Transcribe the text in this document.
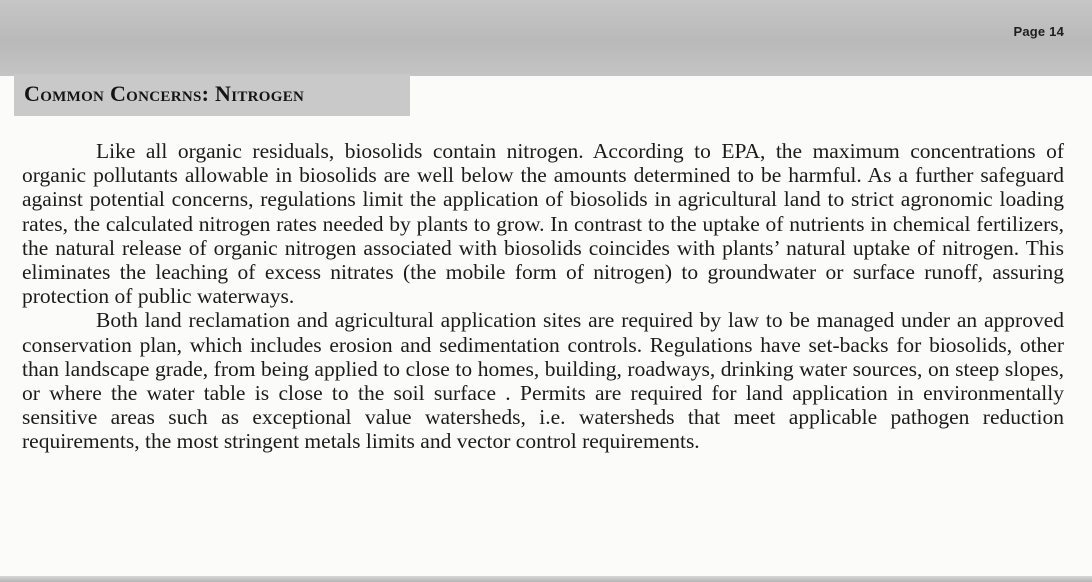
Page 14
Common Concerns: Nitrogen

Like all organic residuals, biosolids contain nitrogen. According to EPA, the maximum concentrations of organic pollutants allowable in biosolids are well below the amounts determined to be harmful. As a further safeguard against potential concerns, regulations limit the application of biosolids in agricultural land to strict agronomic loading rates, the calculated nitrogen rates needed by plants to grow. In contrast to the uptake of nutrients in chemical fertilizers, the natural release of organic nitrogen associated with biosolids coincides with plants’ natural uptake of nitrogen. This eliminates the leaching of excess nitrates (the mobile form of nitrogen) to groundwater or surface runoff, assuring protection of public waterways.

Both land reclamation and agricultural application sites are required by law to be managed under an approved conservation plan, which includes erosion and sedimentation controls. Regulations have set-backs for biosolids, other than landscape grade, from being applied to close to homes, building, roadways, drinking water sources, on steep slopes, or where the water table is close to the soil surface . Permits are required for land application in environmentally sensitive areas such as exceptional value watersheds, i.e. watersheds that meet applicable pathogen reduction requirements, the most stringent metals limits and vector control requirements.
